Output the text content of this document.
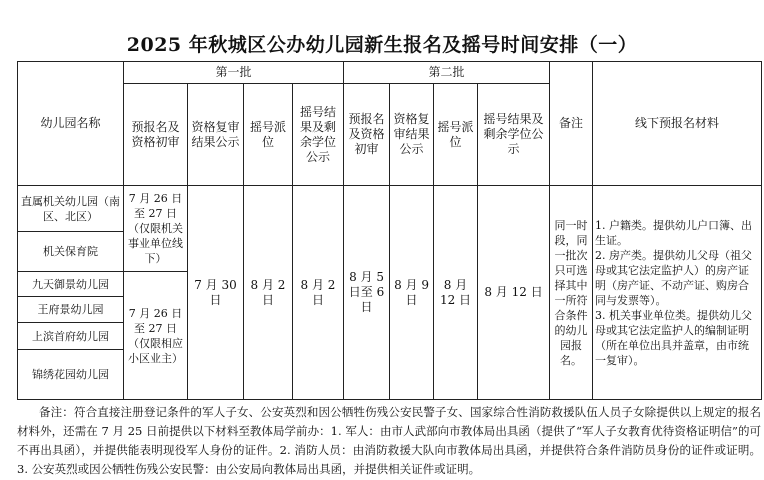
2025 年秋城区公办幼儿园新生报名及摇号时间安排（一）
幼儿园名称	第一批				第二批				备注	线下预报名材料
	预报名及资格初审	资格复审结果公示	摇号派位	摇号结果及剩余学位公示	预报名及资格初审	资格复审结果公示	摇号派位	摇号结果及剩余学位公示		
直属机关幼儿园（南区、北区）	7 月 26 日至 27 日（仅限机关事业单位线下）	7 月 30 日	8 月 2 日	8 月 2 日	8 月 5 日至 6 日	8 月 9 日	8 月 12 日	8 月 12 日	同一时段，同一批次只可选择其中一所符合条件的幼儿园报名。	1. 户籍类。提供幼儿户口簿、出生证。
2. 房产类。提供幼儿父母（祖父母或其它法定监护人）的房产证明（房产证、不动产证、购房合同与发票等）。
3. 机关事业单位类。提供幼儿父母或其它法定监护人的编制证明（所在单位出具并盖章，由市统一复审）。

机关保育院										
九天御景幼儿园	7 月 26 日至 27 日（仅限相应小区业主）									
王府景幼儿园										
上滨首府幼儿园										
锦绣花园幼儿园										
备注：符合直接注册登记条件的军人子女、公安英烈和因公牺牲伤残公安民警子女、国家综合性消防救援队伍人员子女除提供以上规定的报名材料外，还需在 7 月 25 日前提供以下材料至教体局学前办：1. 军人：由市人武部向市教体局出具函（提供了“军人子女教育优待资格证明信”的可不再出具函），并提供能表明现役军人身份的证件。2. 消防人员：由消防救援大队向市教体局出具函，并提供符合条件消防员身份的证件或证明。3. 公安英烈或因公牺牲伤残公安民警：由公安局向教体局出具函，并提供相关证件或证明。
